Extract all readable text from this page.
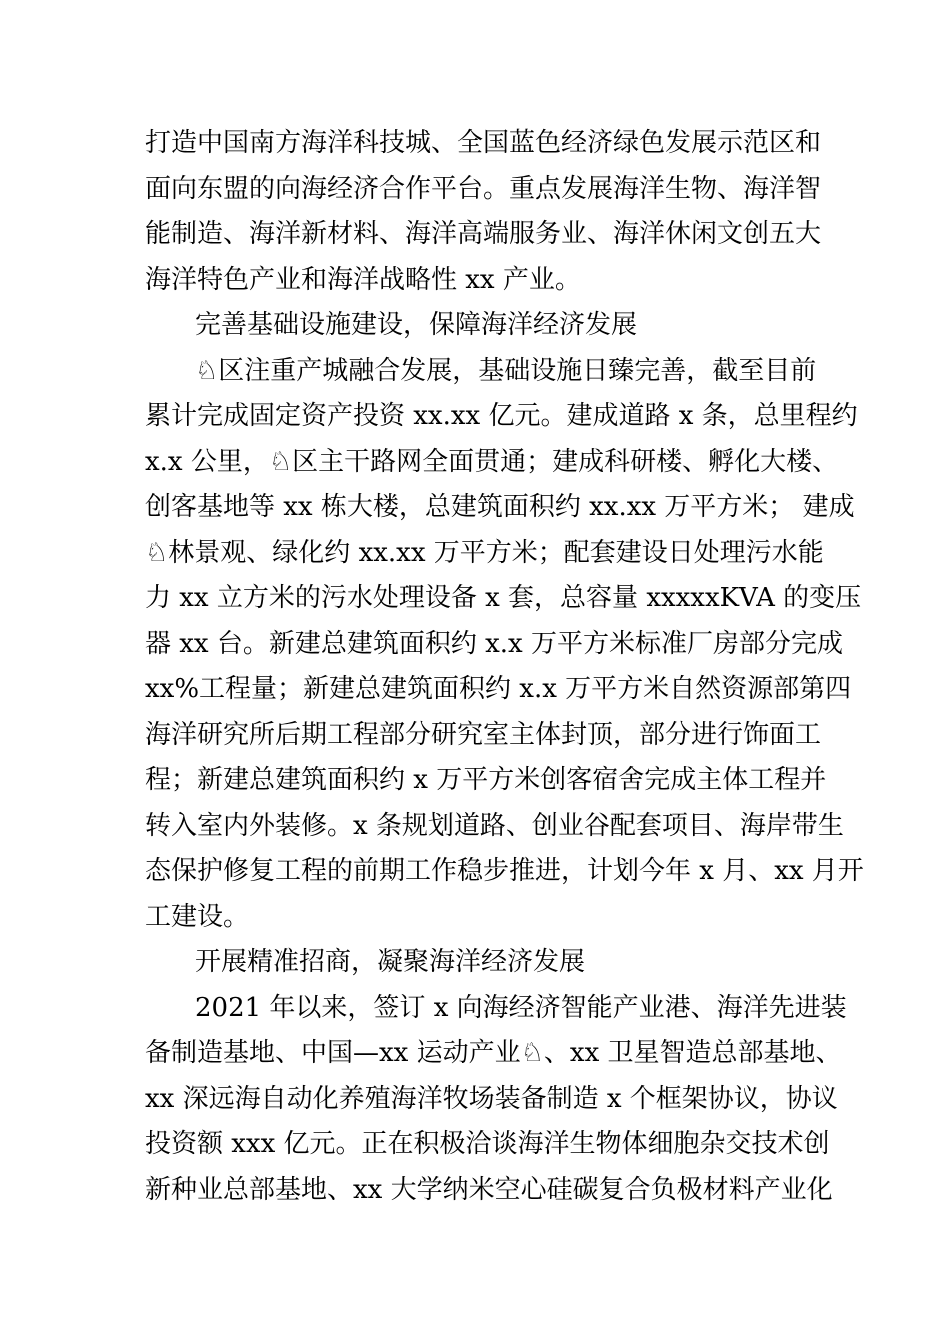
打造中国南方海洋科技城、全国蓝色经济绿色发展示范区和
面向东盟的向海经济合作平台。重点发展海洋生物、海洋智
能制造、海洋新材料、海洋高端服务业、海洋休闲文创五大
海洋特色产业和海洋战略性 xx 产业。
完善基础设施建设，保障海洋经济发展
♘区注重产城融合发展，基础设施日臻完善，截至目前
累计完成固定资产投资 xx.xx 亿元。建成道路 x 条，总里程约
x.x 公里，♘区主干路网全面贯通；建成科研楼、孵化大楼、
创客基地等 xx 栋大楼，总建筑面积约 xx.xx 万平方米； 建成
♘林景观、绿化约 xx.xx 万平方米；配套建设日处理污水能
力 xx 立方米的污水处理设备 x 套，总容量 xxxxxKVA 的变压
器 xx 台。新建总建筑面积约 x.x 万平方米标准厂房部分完成
xx%工程量；新建总建筑面积约 x.x 万平方米自然资源部第四
海洋研究所后期工程部分研究室主体封顶，部分进行饰面工
程；新建总建筑面积约 x 万平方米创客宿舍完成主体工程并
转入室内外装修。x 条规划道路、创业谷配套项目、海岸带生
态保护修复工程的前期工作稳步推进，计划今年 x 月、xx 月开
工建设。
开展精准招商，凝聚海洋经济发展
2021 年以来，签订 x 向海经济智能产业港、海洋先进装
备制造基地、中国—xx 运动产业♘、xx 卫星智造总部基地、
xx 深远海自动化养殖海洋牧场装备制造 x 个框架协议，协议
投资额 xxx 亿元。正在积极洽谈海洋生物体细胞杂交技术创
新种业总部基地、xx 大学纳米空心硅碳复合负极材料产业化
